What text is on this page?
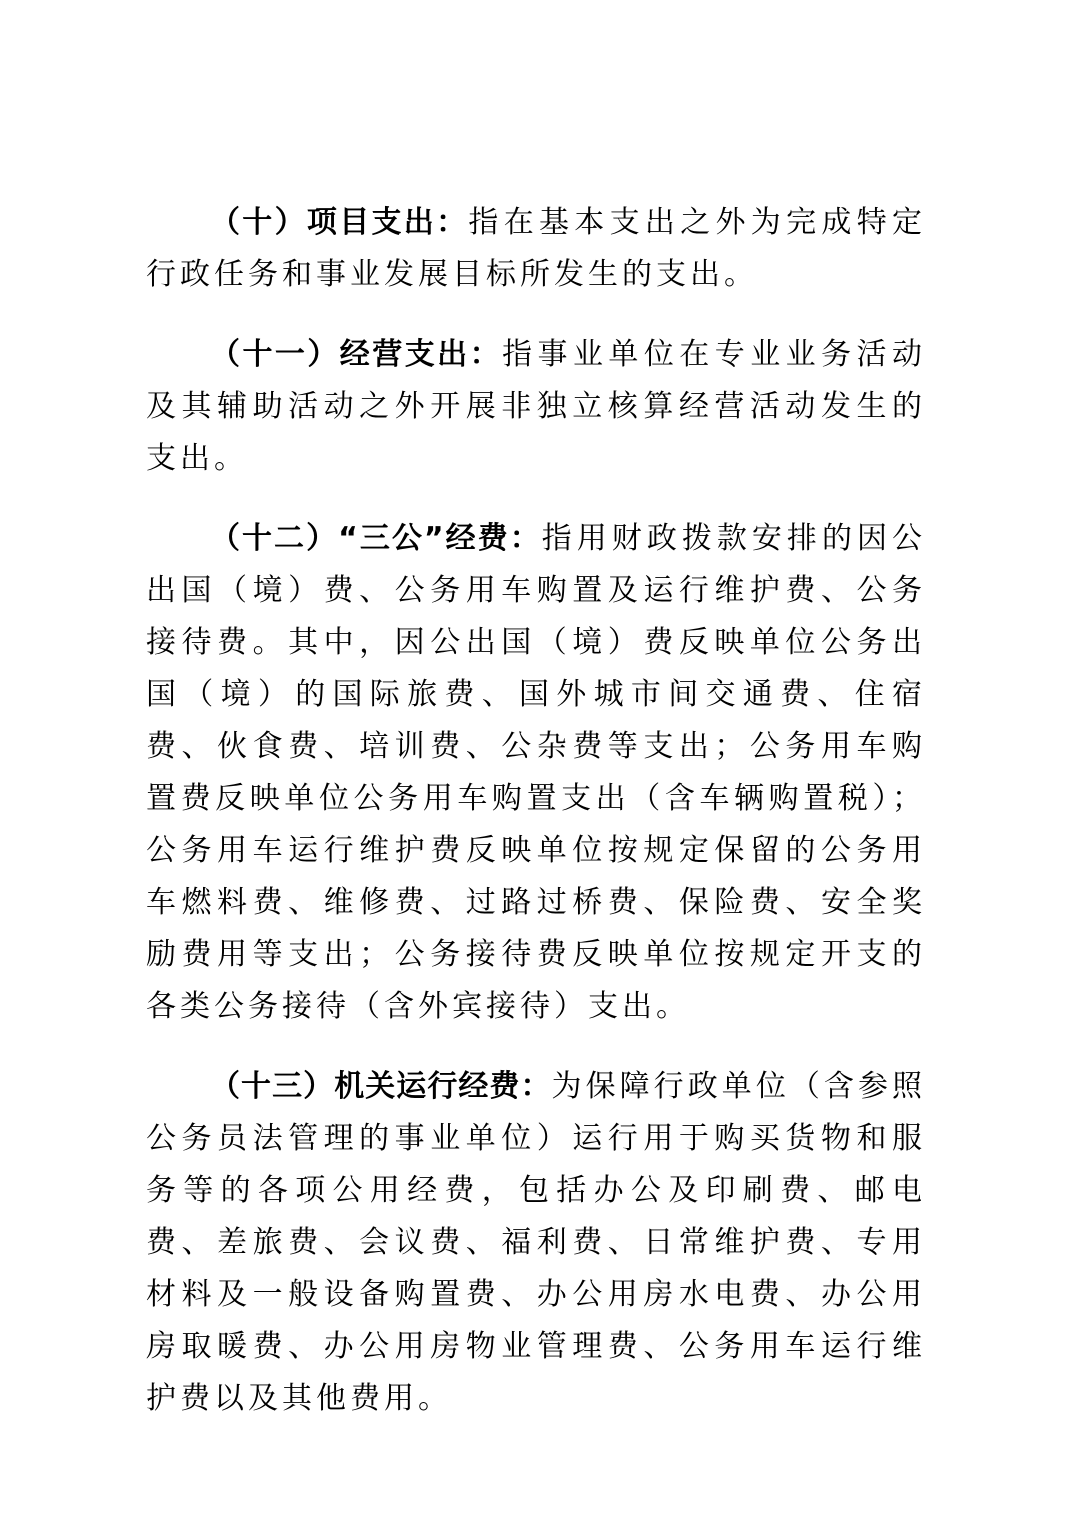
（十）项目支出：指在基本支出之外为完成特定行政任务和事业发展目标所发生的支出。

（十一）经营支出：指事业单位在专业业务活动及其辅助活动之外开展非独立核算经营活动发生的支出。

（十二）“三公”经费：指用财政拨款安排的因公出国（境）费、公务用车购置及运行维护费、公务接待费。其中，因公出国（境）费反映单位公务出国（境）的国际旅费、国外城市间交通费、住宿费、伙食费、培训费、公杂费等支出；公务用车购置费反映单位公务用车购置支出（含车辆购置税）；公务用车运行维护费反映单位按规定保留的公务用车燃料费、维修费、过路过桥费、保险费、安全奖励费用等支出；公务接待费反映单位按规定开支的各类公务接待（含外宾接待）支出。

（十三）机关运行经费：为保障行政单位（含参照公务员法管理的事业单位）运行用于购买货物和服务等的各项公用经费，包括办公及印刷费、邮电费、差旅费、会议费、福利费、日常维护费、专用材料及一般设备购置费、办公用房水电费、办公用房取暖费、办公用房物业管理费、公务用车运行维护费以及其他费用。
